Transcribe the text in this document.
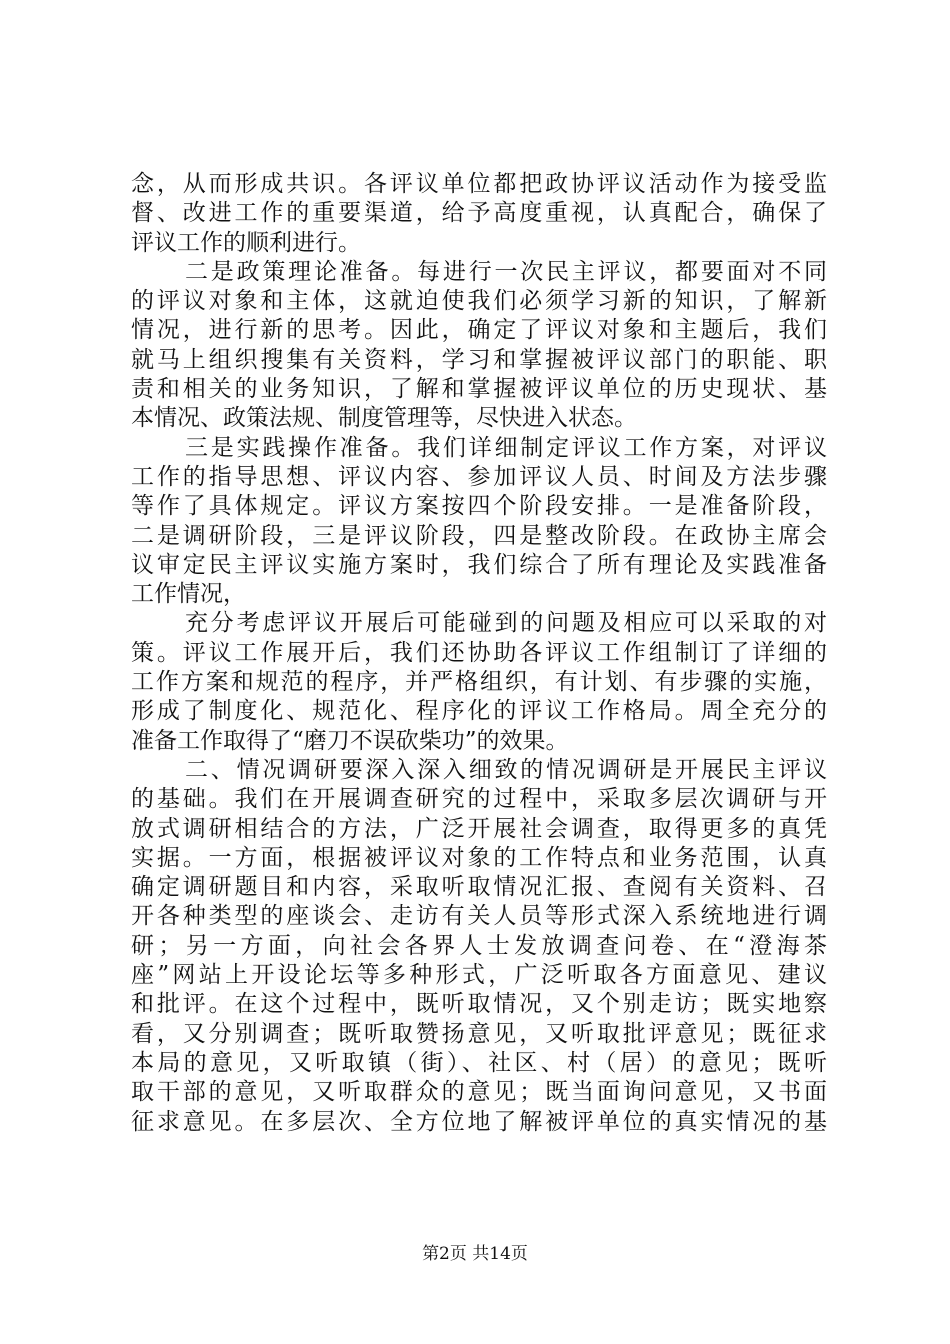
念，从而形成共识。各评议单位都把政协评议活动作为接受监
督、改进工作的重要渠道，给予高度重视，认真配合，确保了
评议工作的顺利进行。
二是政策理论准备。每进行一次民主评议，都要面对不同
的评议对象和主体，这就迫使我们必须学习新的知识，了解新
情况，进行新的思考。因此，确定了评议对象和主题后，我们
就马上组织搜集有关资料，学习和掌握被评议部门的职能、职
责和相关的业务知识，了解和掌握被评议单位的历史现状、基
本情况、政策法规、制度管理等，尽快进入状态。
三是实践操作准备。我们详细制定评议工作方案，对评议
工作的指导思想、评议内容、参加评议人员、时间及方法步骤
等作了具体规定。评议方案按四个阶段安排。一是准备阶段，
二是调研阶段，三是评议阶段，四是整改阶段。在政协主席会
议审定民主评议实施方案时，我们综合了所有理论及实践准备
工作情况，
充分考虑评议开展后可能碰到的问题及相应可以采取的对
策。评议工作展开后，我们还协助各评议工作组制订了详细的
工作方案和规范的程序，并严格组织，有计划、有步骤的实施，
形成了制度化、规范化、程序化的评议工作格局。周全充分的
准备工作取得了“磨刀不误砍柴功”的效果。
二、情况调研要深入深入细致的情况调研是开展民主评议
的基础。我们在开展调查研究的过程中，采取多层次调研与开
放式调研相结合的方法，广泛开展社会调查，取得更多的真凭
实据。一方面，根据被评议对象的工作特点和业务范围，认真
确定调研题目和内容，采取听取情况汇报、查阅有关资料、召
开各种类型的座谈会、走访有关人员等形式深入系统地进行调
研；另一方面，向社会各界人士发放调查问卷、在“澄海茶
座”网站上开设论坛等多种形式，广泛听取各方面意见、建议
和批评。在这个过程中，既听取情况，又个别走访；既实地察
看，又分别调查；既听取赞扬意见，又听取批评意见；既征求
本局的意见，又听取镇（街）、社区、村（居）的意见；既听
取干部的意见，又听取群众的意见；既当面询问意见，又书面
征求意见。在多层次、全方位地了解被评单位的真实情况的基
第2页 共14页
